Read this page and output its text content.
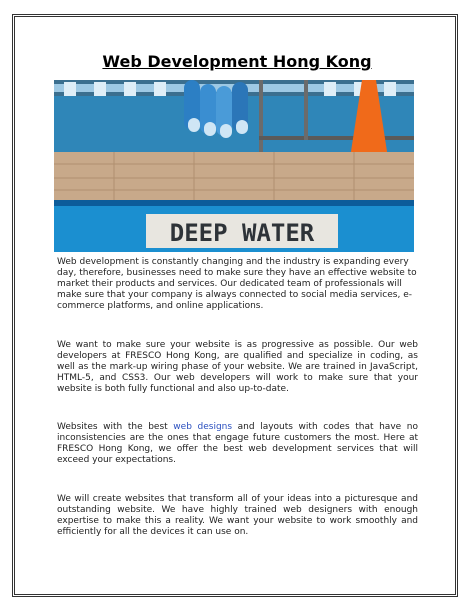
Web Development Hong Kong
DEEP WATER

Web development is constantly changing and the industry is expanding every day, therefore, businesses need to make sure they have an effective website to market their products and services. Our dedicated team of professionals will make sure that your company is always connected to social media services, e-commerce platforms, and online applications.

We want to make sure your website is as progressive as possible. Our web developers at FRESCO Hong Kong, are qualified and specialize in coding, as well as the mark-up wiring phase of your website. We are trained in JavaScript, HTML-5, and CSS3. Our web developers will work to make sure that your website is both fully functional and also up-to-date.

Websites with the best web designs and layouts with codes that have no inconsistencies are the ones that engage future customers the most. Here at FRESCO Hong Kong, we offer the best web development services that will exceed your expectations.

We will create websites that transform all of your ideas into a picturesque and outstanding website. We have highly trained web designers with enough expertise to make this a reality. We want your website to work smoothly and efficiently for all the devices it can use on.
